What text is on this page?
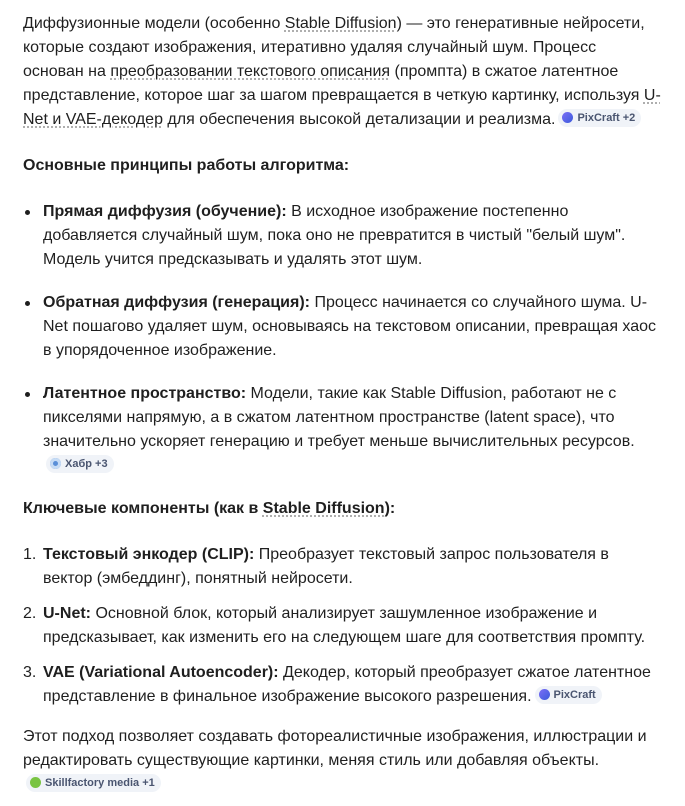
Диффузионные модели (особенно Stable Diffusion) — это генеративные нейросети, которые создают изображения, итеративно удаляя случайный шум. Процесс основан на преобразовании текстового описания (промпта) в сжатое латентное представление, которое шаг за шагом превращается в четкую картинку, используя U-Net и VAE-декодер для обеспечения высокой детализации и реализма. PixCraft +2

Основные принципы работы алгоритма:

Прямая диффузия (обучение): В исходное изображение постепенно добавляется случайный шум, пока оно не превратится в чистый "белый шум". Модель учится предсказывать и удалять этот шум.
Обратная диффузия (генерация): Процесс начинается со случайного шума. U-Net пошагово удаляет шум, основываясь на текстовом описании, превращая хаос в упорядоченное изображение.
Латентное пространство: Модели, такие как Stable Diffusion, работают не с пикселями напрямую, а в сжатом латентном пространстве (latent space), что значительно ускоряет генерацию и требует меньше вычислительных ресурсов.
Хабр +3

Ключевые компоненты (как в Stable Diffusion):

1. Текстовый энкодер (CLIP): Преобразует текстовый запрос пользователя в вектор (эмбеддинг), понятный нейросети.
2. U-Net: Основной блок, который анализирует зашумленное изображение и предсказывает, как изменить его на следующем шаге для соответствия промпту.
3. VAE (Variational Autoencoder): Декодер, который преобразует сжатое латентное представление в финальное изображение высокого разрешения. PixCraft

Этот подход позволяет создавать фотореалистичные изображения, иллюстрации и редактировать существующие картинки, меняя стиль или добавляя объекты.
Skillfactory media +1
